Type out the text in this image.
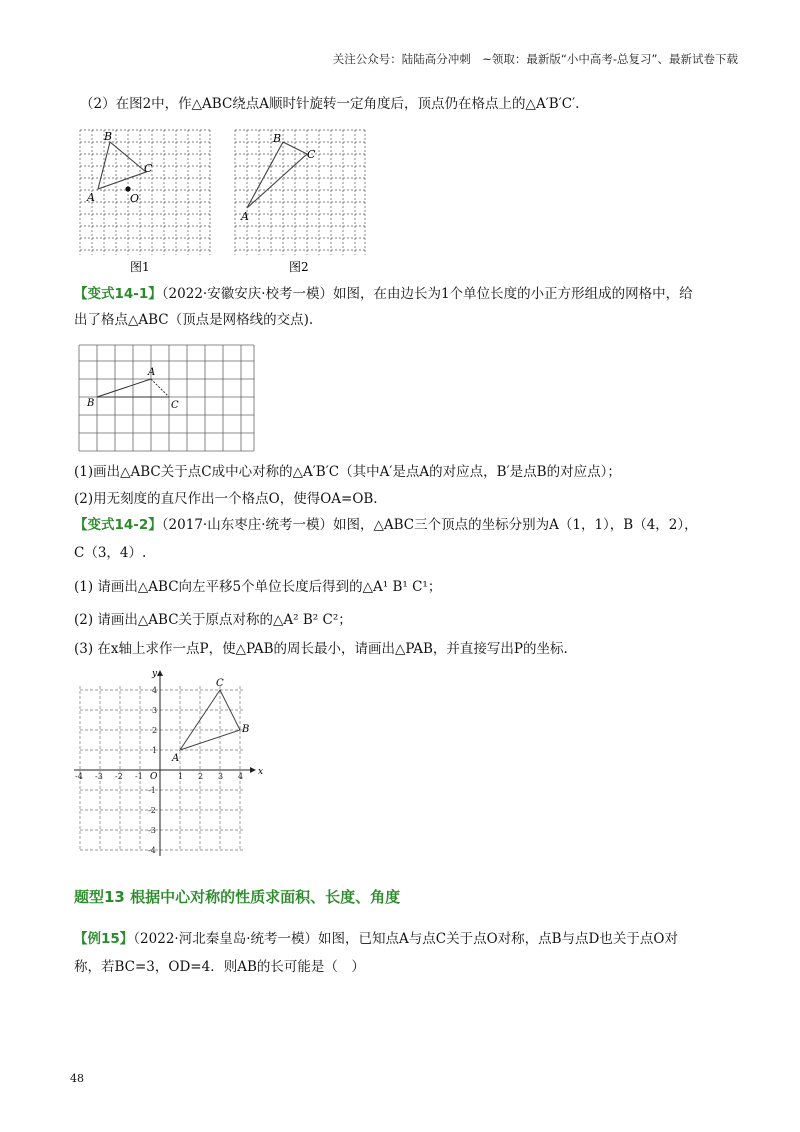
关注公众号：陆陆高分冲刺　~领取：最新版“小中高考-总复习”、最新试卷下载
（2）在图2中，作△ABC绕点A顺时针旋转一定角度后，顶点仍在格点上的△A′B′C′.
B
C
A	O
图1
B
C
A
图2
【变式14-1】（2022·安徽安庆·校考一模）如图，在由边长为1个单位长度的小正方形组成的网格中，给
出了格点△ABC（顶点是网格线的交点).
A
B	C
(1)画出△ABC关于点C成中心对称的△A′B′C（其中A′是点A的对应点，B′是点B的对应点）；
(2)用无刻度的直尺作出一个格点O，使得OA=OB.
【变式14-2】（2017·山东枣庄·统考一模）如图，△ABC三个顶点的坐标分别为A（1，1），B（4，2），
C（3，4）.
(1) 请画出△ABC向左平移5个单位长度后得到的△A¹ B¹ C¹；
(2) 请画出△ABC关于原点对称的△A² B² C²；
(3) 在x轴上求作一点P，使△PAB的周长最小，请画出△PAB，并直接写出P的坐标.
x
y
O
A
B
C
-4 -3 -2 -1	1 2 3 4
4
3
2
1
-1
-2
-3
-4
题型13 根据中心对称的性质求面积、长度、角度
【例15】（2022·河北秦皇岛·统考一模）如图，已知点A与点C关于点O对称，点B与点D也关于点O对
称，若BC=3，OD=4．则AB的长可能是（　）
48
